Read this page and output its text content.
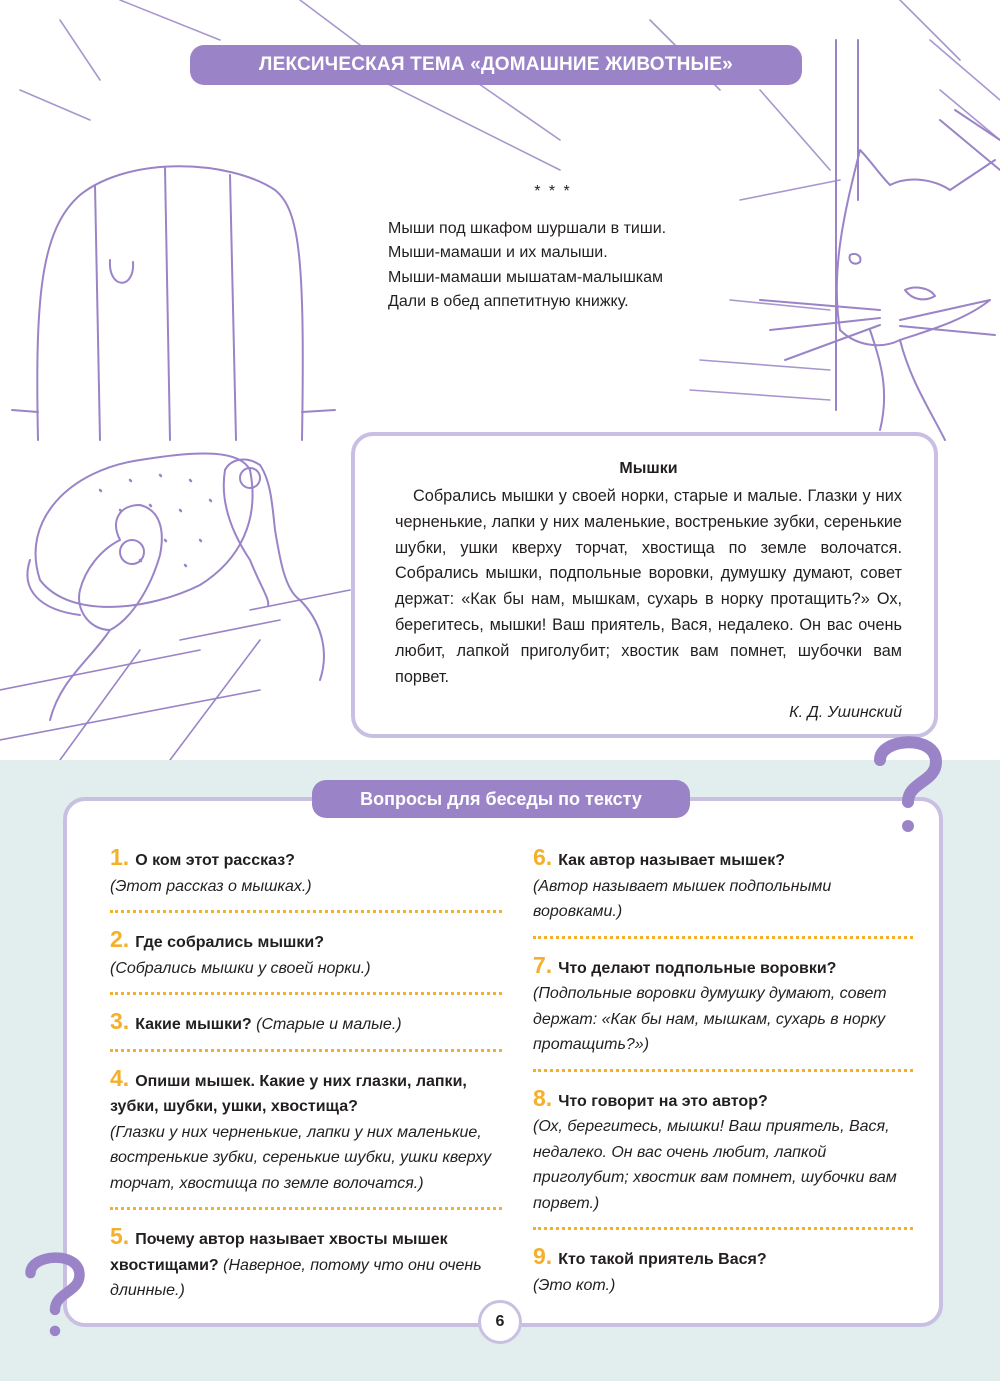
ЛЕКСИЧЕСКАЯ ТЕМА «ДОМАШНИЕ ЖИВОТНЫЕ»
* * *
Мыши под шкафом шуршали в тиши.
Мыши-мамаши и их малыши.
Мыши-мамаши мышатам-малышкам
Дали в обед аппетитную книжку.
Мышки
Собрались мышки у своей норки, старые и малые. Глазки у них черненькие, лапки у них маленькие, востренькие зубки, серенькие шубки, ушки кверху торчат, хвостища по земле волочатся. Собрались мышки, подпольные воровки, думушку думают, совет держат: «Как бы нам, мышкам, сухарь в норку протащить?» Ох, берегитесь, мышки! Ваш приятель, Вася, недалеко. Он вас очень любит, лапкой приголубит; хвостик вам помнет, шубочки вам порвет.
К. Д. Ушинский
Вопросы для беседы по тексту
1. О ком этот рассказ?
(Этот рассказ о мышках.)
2. Где собрались мышки?
(Собрались мышки у своей норки.)
3. Какие мышки? (Старые и малые.)
4. Опиши мышек. Какие у них глазки, лапки, зубки, шубки, ушки, хвостища?
(Глазки у них черненькие, лапки у них маленькие, востренькие зубки, серенькие шубки, ушки кверху торчат, хвостища по земле волочатся.)
5. Почему автор называет хвосты мышек хвостищами? (Наверное, потому что они очень длинные.)
6. Как автор называет мышек?
(Автор называет мышек подпольными воровками.)
7. Что делают подпольные воровки?
(Подпольные воровки думушку думают, совет держат: «Как бы нам, мышкам, сухарь в норку протащить?»)
8. Что говорит на это автор?
(Ох, берегитесь, мышки! Ваш приятель, Вася, недалеко. Он вас очень любит, лапкой приголубит; хвостик вам помнет, шубочки вам порвет.)
9. Кто такой приятель Вася?
(Это кот.)
6
